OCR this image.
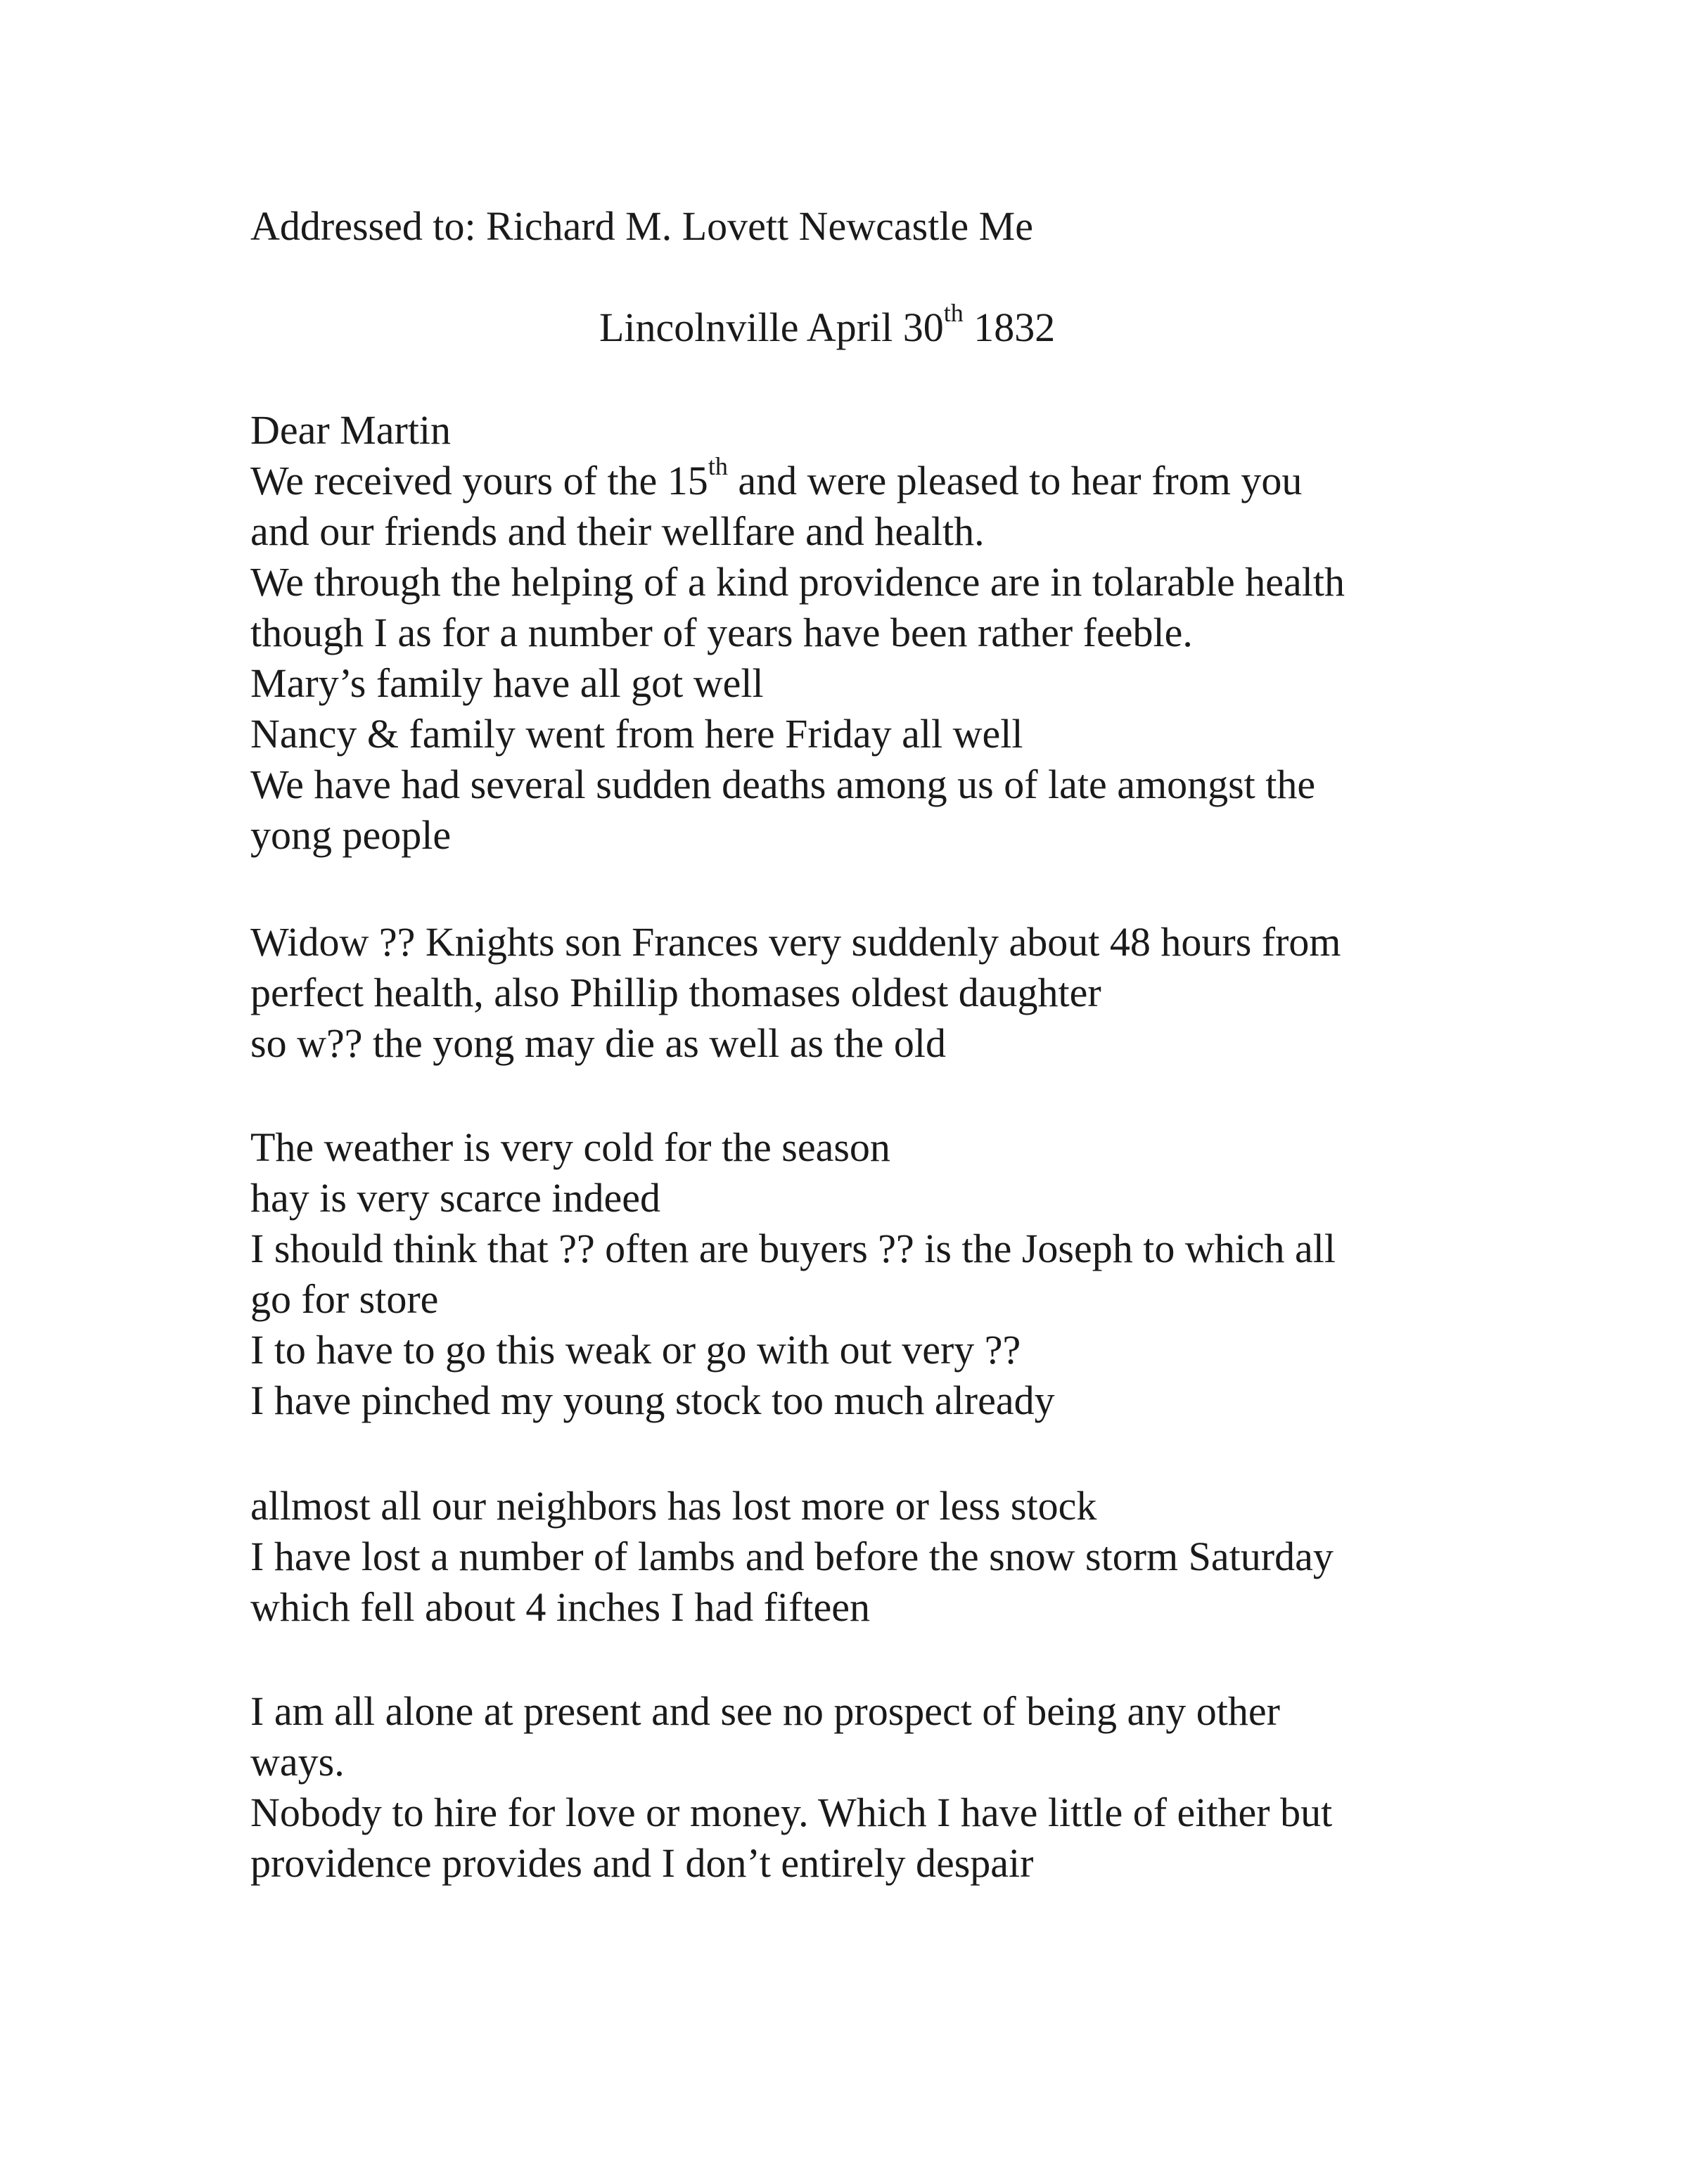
Addressed to: Richard M. Lovett Newcastle Me
Lincolnville April 30th 1832
Dear Martin
We received yours of the 15th and were pleased to hear from you
and our friends and their wellfare and health.
We through the helping of a kind providence are in tolarable health
though I as for a number of years have been rather feeble.
Mary’s family have all got well
Nancy & family went from here Friday all well
We have had several sudden deaths among us of late amongst the
yong people
Widow ?? Knights son Frances very suddenly about 48 hours from
perfect health, also Phillip thomases oldest daughter
so w?? the yong may die as well as the old
The weather is very cold for the season
hay is very scarce indeed
I should think that ?? often are buyers ?? is the Joseph to which all
go for store
I to have to go this weak or go with out very ??
I have pinched my young stock too much already
allmost all our neighbors has lost more or less stock
I have lost a number of lambs and before the snow storm Saturday
which fell about 4 inches I had fifteen
I am all alone at present and see no prospect of being any other
ways.
Nobody to hire for love or money. Which I have little of either but
providence provides and I don’t entirely despair
